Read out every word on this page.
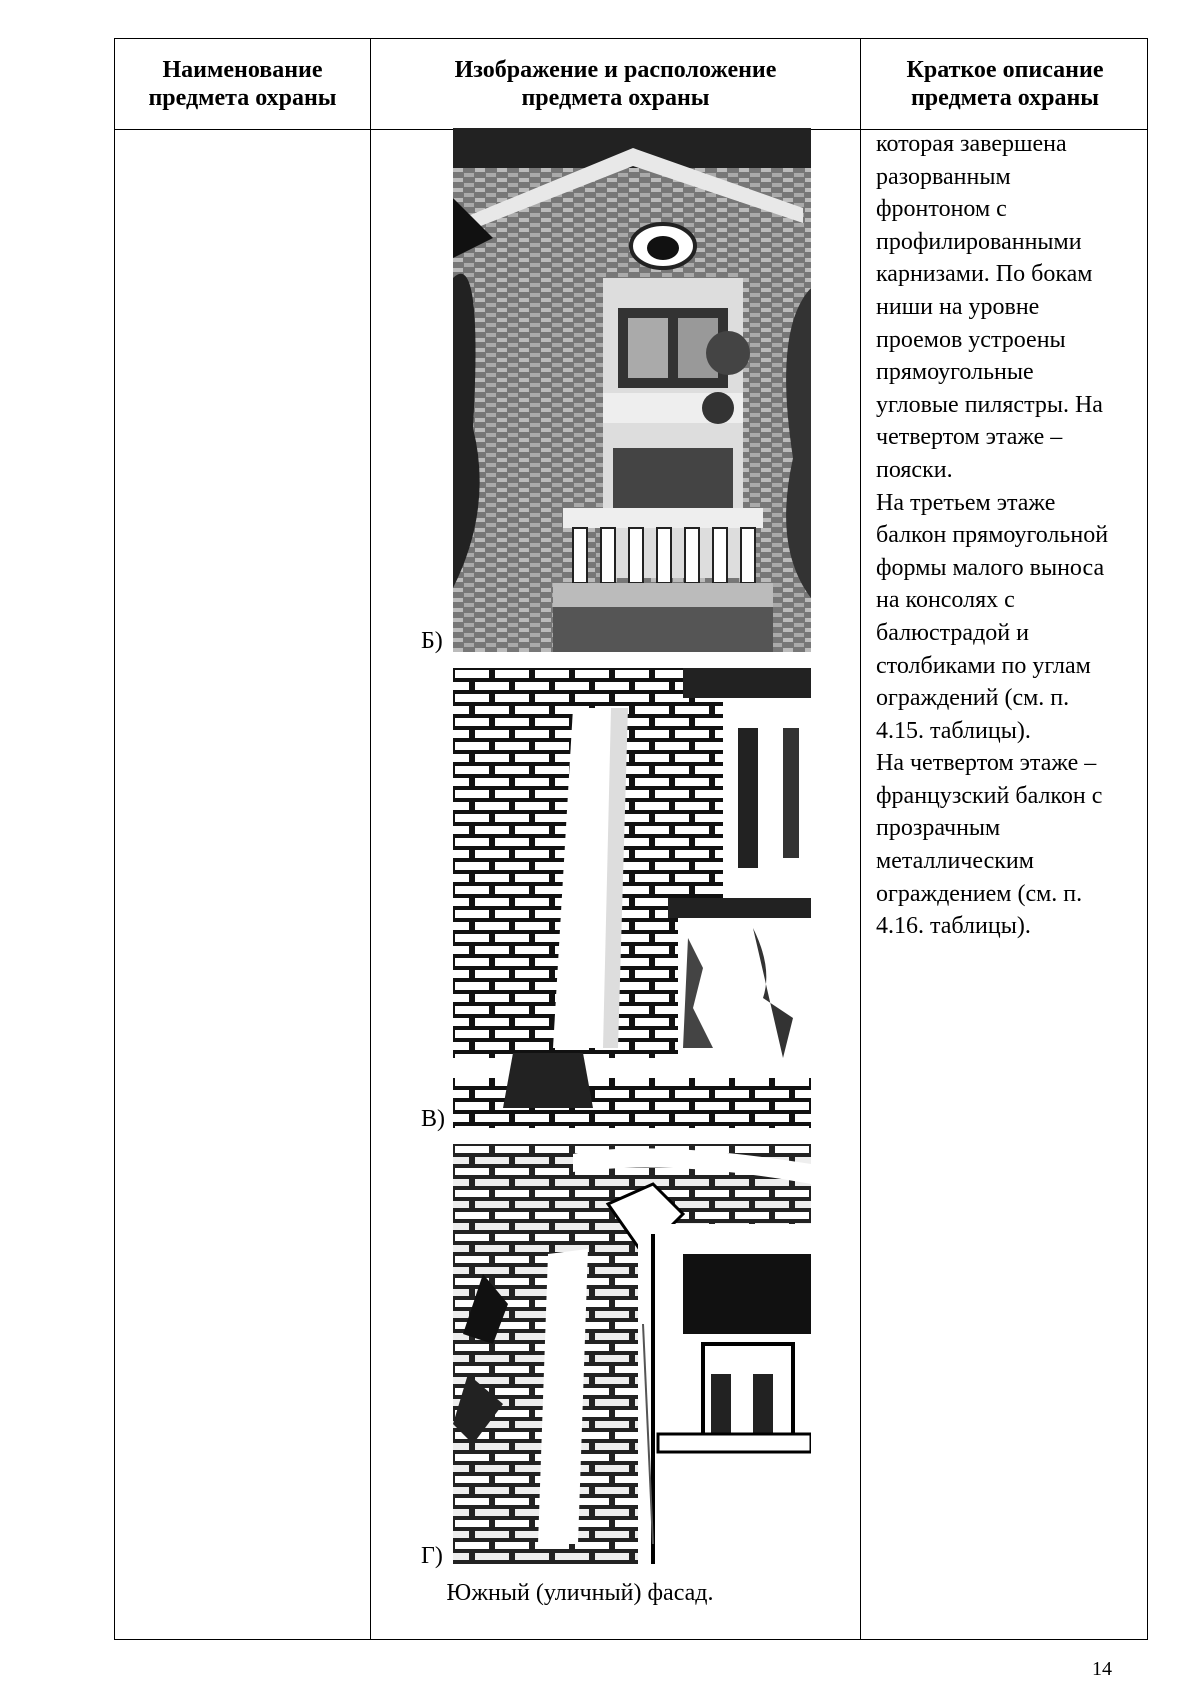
Наименование
предмета охраны
Изображение и расположение
предмета охраны
Краткое описание
предмета охраны
Б)
В)
Г)
Южный (уличный) фасад.

которая завершена
разорванным
фронтоном с
профилированными
карнизами. По бокам
ниши на уровне
проемов устроены
прямоугольные
угловые пилястры. На
четвертом этаже –
пояски.

На третьем этаже
балкон прямоугольной
формы малого выноса
на консолях с
балюстрадой и
столбиками по углам
ограждений (см. п.
4.15. таблицы).

На четвертом этаже –
французский балкон с
прозрачным
металлическим
ограждением (см. п.
4.16. таблицы).

14
